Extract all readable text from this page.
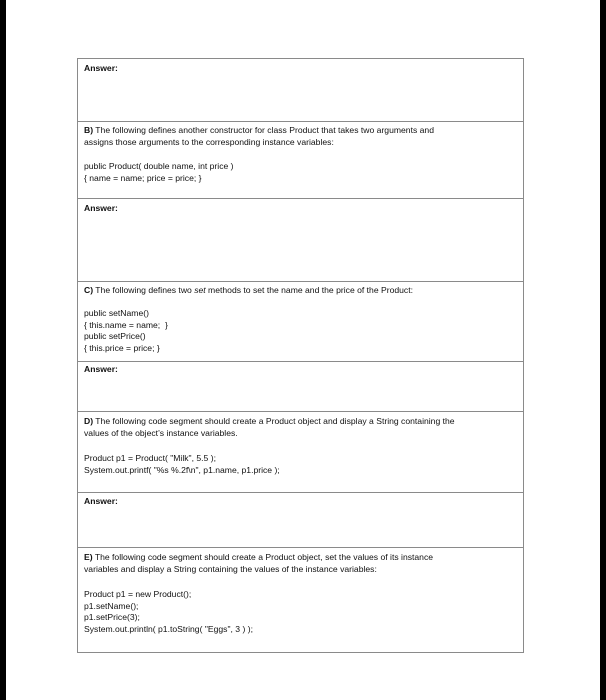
Answer:
B) The following defines another constructor for class Product that takes two arguments and
assigns those arguments to the corresponding instance variables:
public Product( double name, int price )
{ name = name; price = price; }
Answer:
C) The following defines two set methods to set the name and the price of the Product:
public setName()
{ this.name = name;  }
public setPrice()
{ this.price = price; }
Answer:
D) The following code segment should create a Product object and display a String containing the
values of the object’s instance variables.
Product p1 = Product( "Milk", 5.5 );
System.out.printf( "%s %.2f\n", p1.name, p1.price );
Answer:
E) The following code segment should create a Product object, set the values of its instance
variables and display a String containing the values of the instance variables:
Product p1 = new Product();
p1.setName();
p1.setPrice(3);
System.out.println( p1.toString( "Eggs", 3 ) );
